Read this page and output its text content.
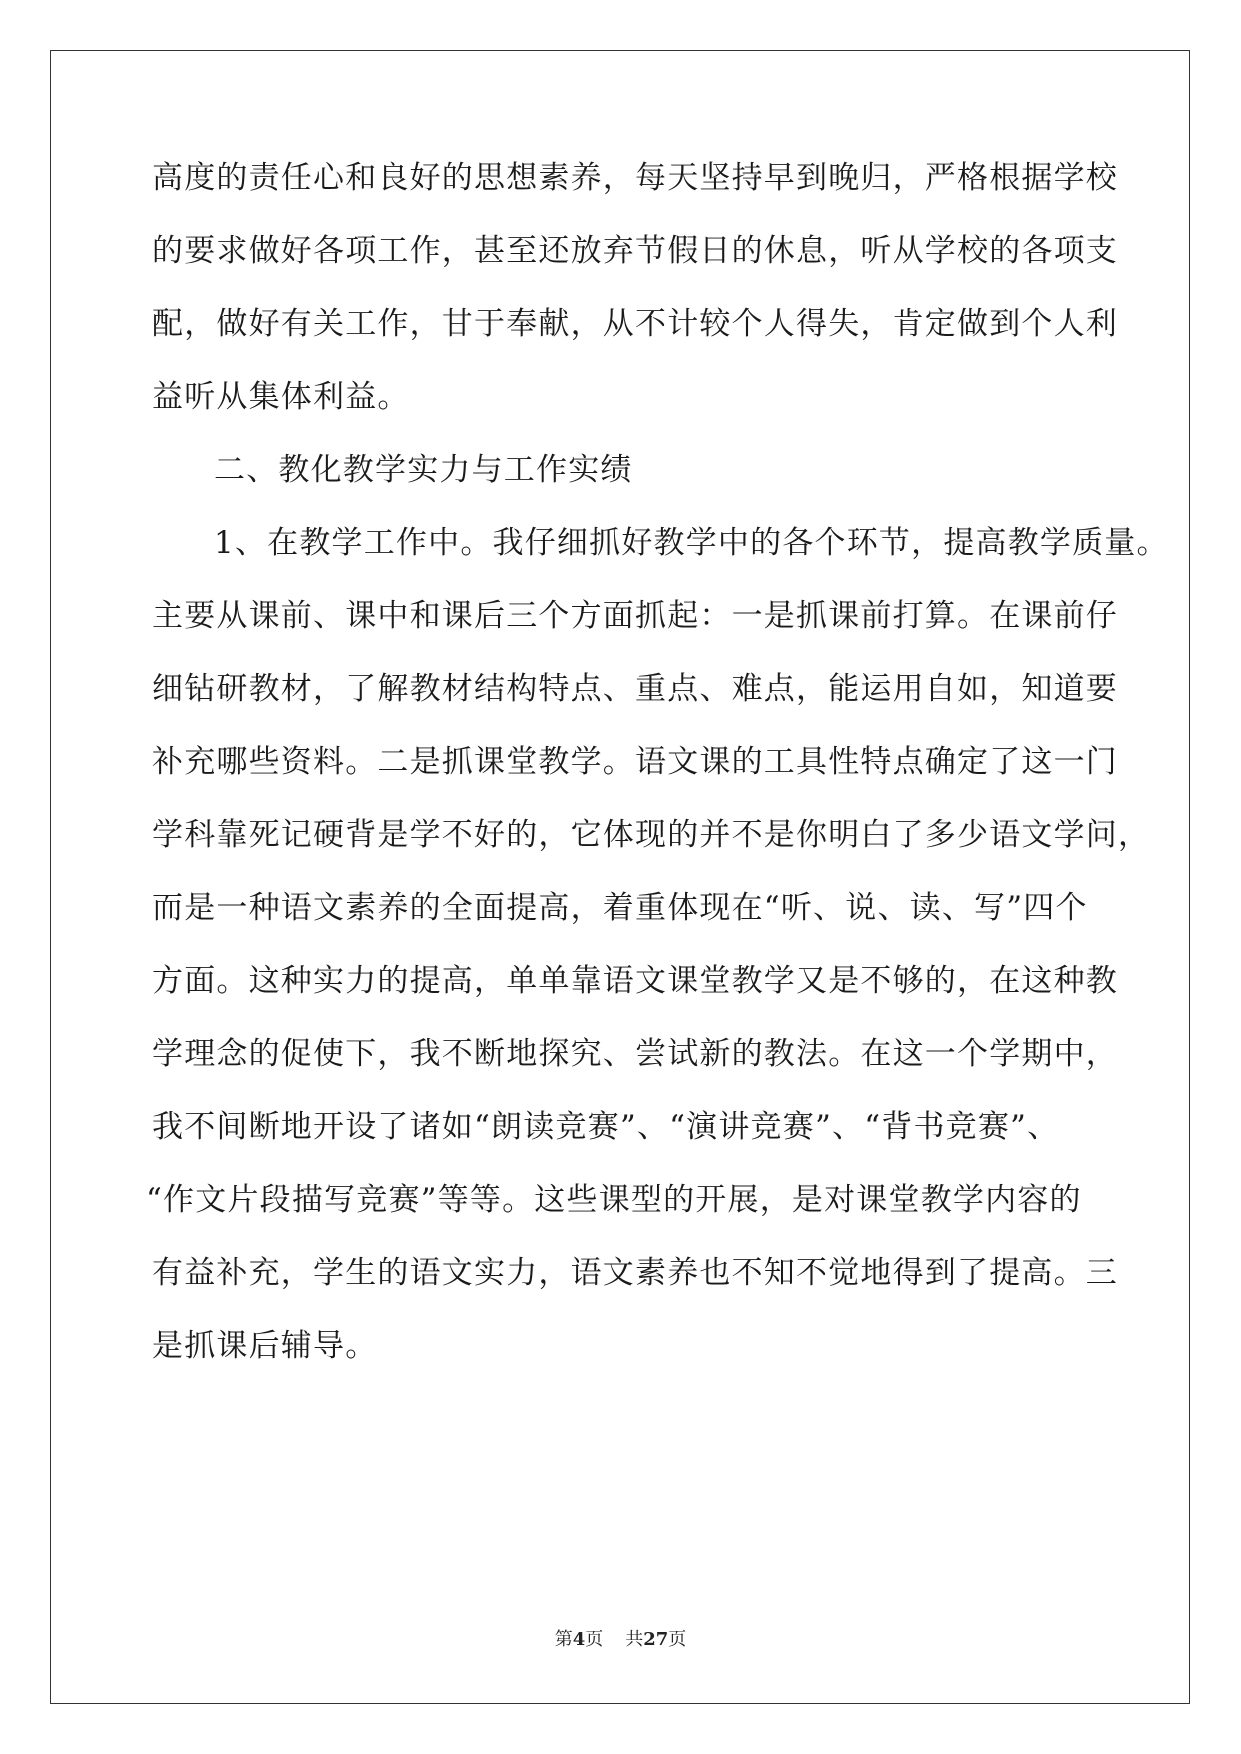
高度的责任心和良好的思想素养，每天坚持早到晚归，严格根据学校
的要求做好各项工作，甚至还放弃节假日的休息，听从学校的各项支
配，做好有关工作，甘于奉献，从不计较个人得失，肯定做到个人利
益听从集体利益。
二、教化教学实力与工作实绩
1、在教学工作中。我仔细抓好教学中的各个环节，提高教学质量。
主要从课前、课中和课后三个方面抓起：一是抓课前打算。在课前仔
细钻研教材，了解教材结构特点、重点、难点，能运用自如，知道要
补充哪些资料。二是抓课堂教学。语文课的工具性特点确定了这一门
学科靠死记硬背是学不好的，它体现的并不是你明白了多少语文学问，
而是一种语文素养的全面提高，着重体现在“听、说、读、写”四个
方面。这种实力的提高，单单靠语文课堂教学又是不够的，在这种教
学理念的促使下，我不断地探究、尝试新的教法。在这一个学期中，
我不间断地开设了诸如“朗读竞赛”、“演讲竞赛”、“背书竞赛”、
“作文片段描写竞赛”等等。这些课型的开展，是对课堂教学内容的
有益补充，学生的语文实力，语文素养也不知不觉地得到了提高。三
是抓课后辅导。
第4页 共27页
